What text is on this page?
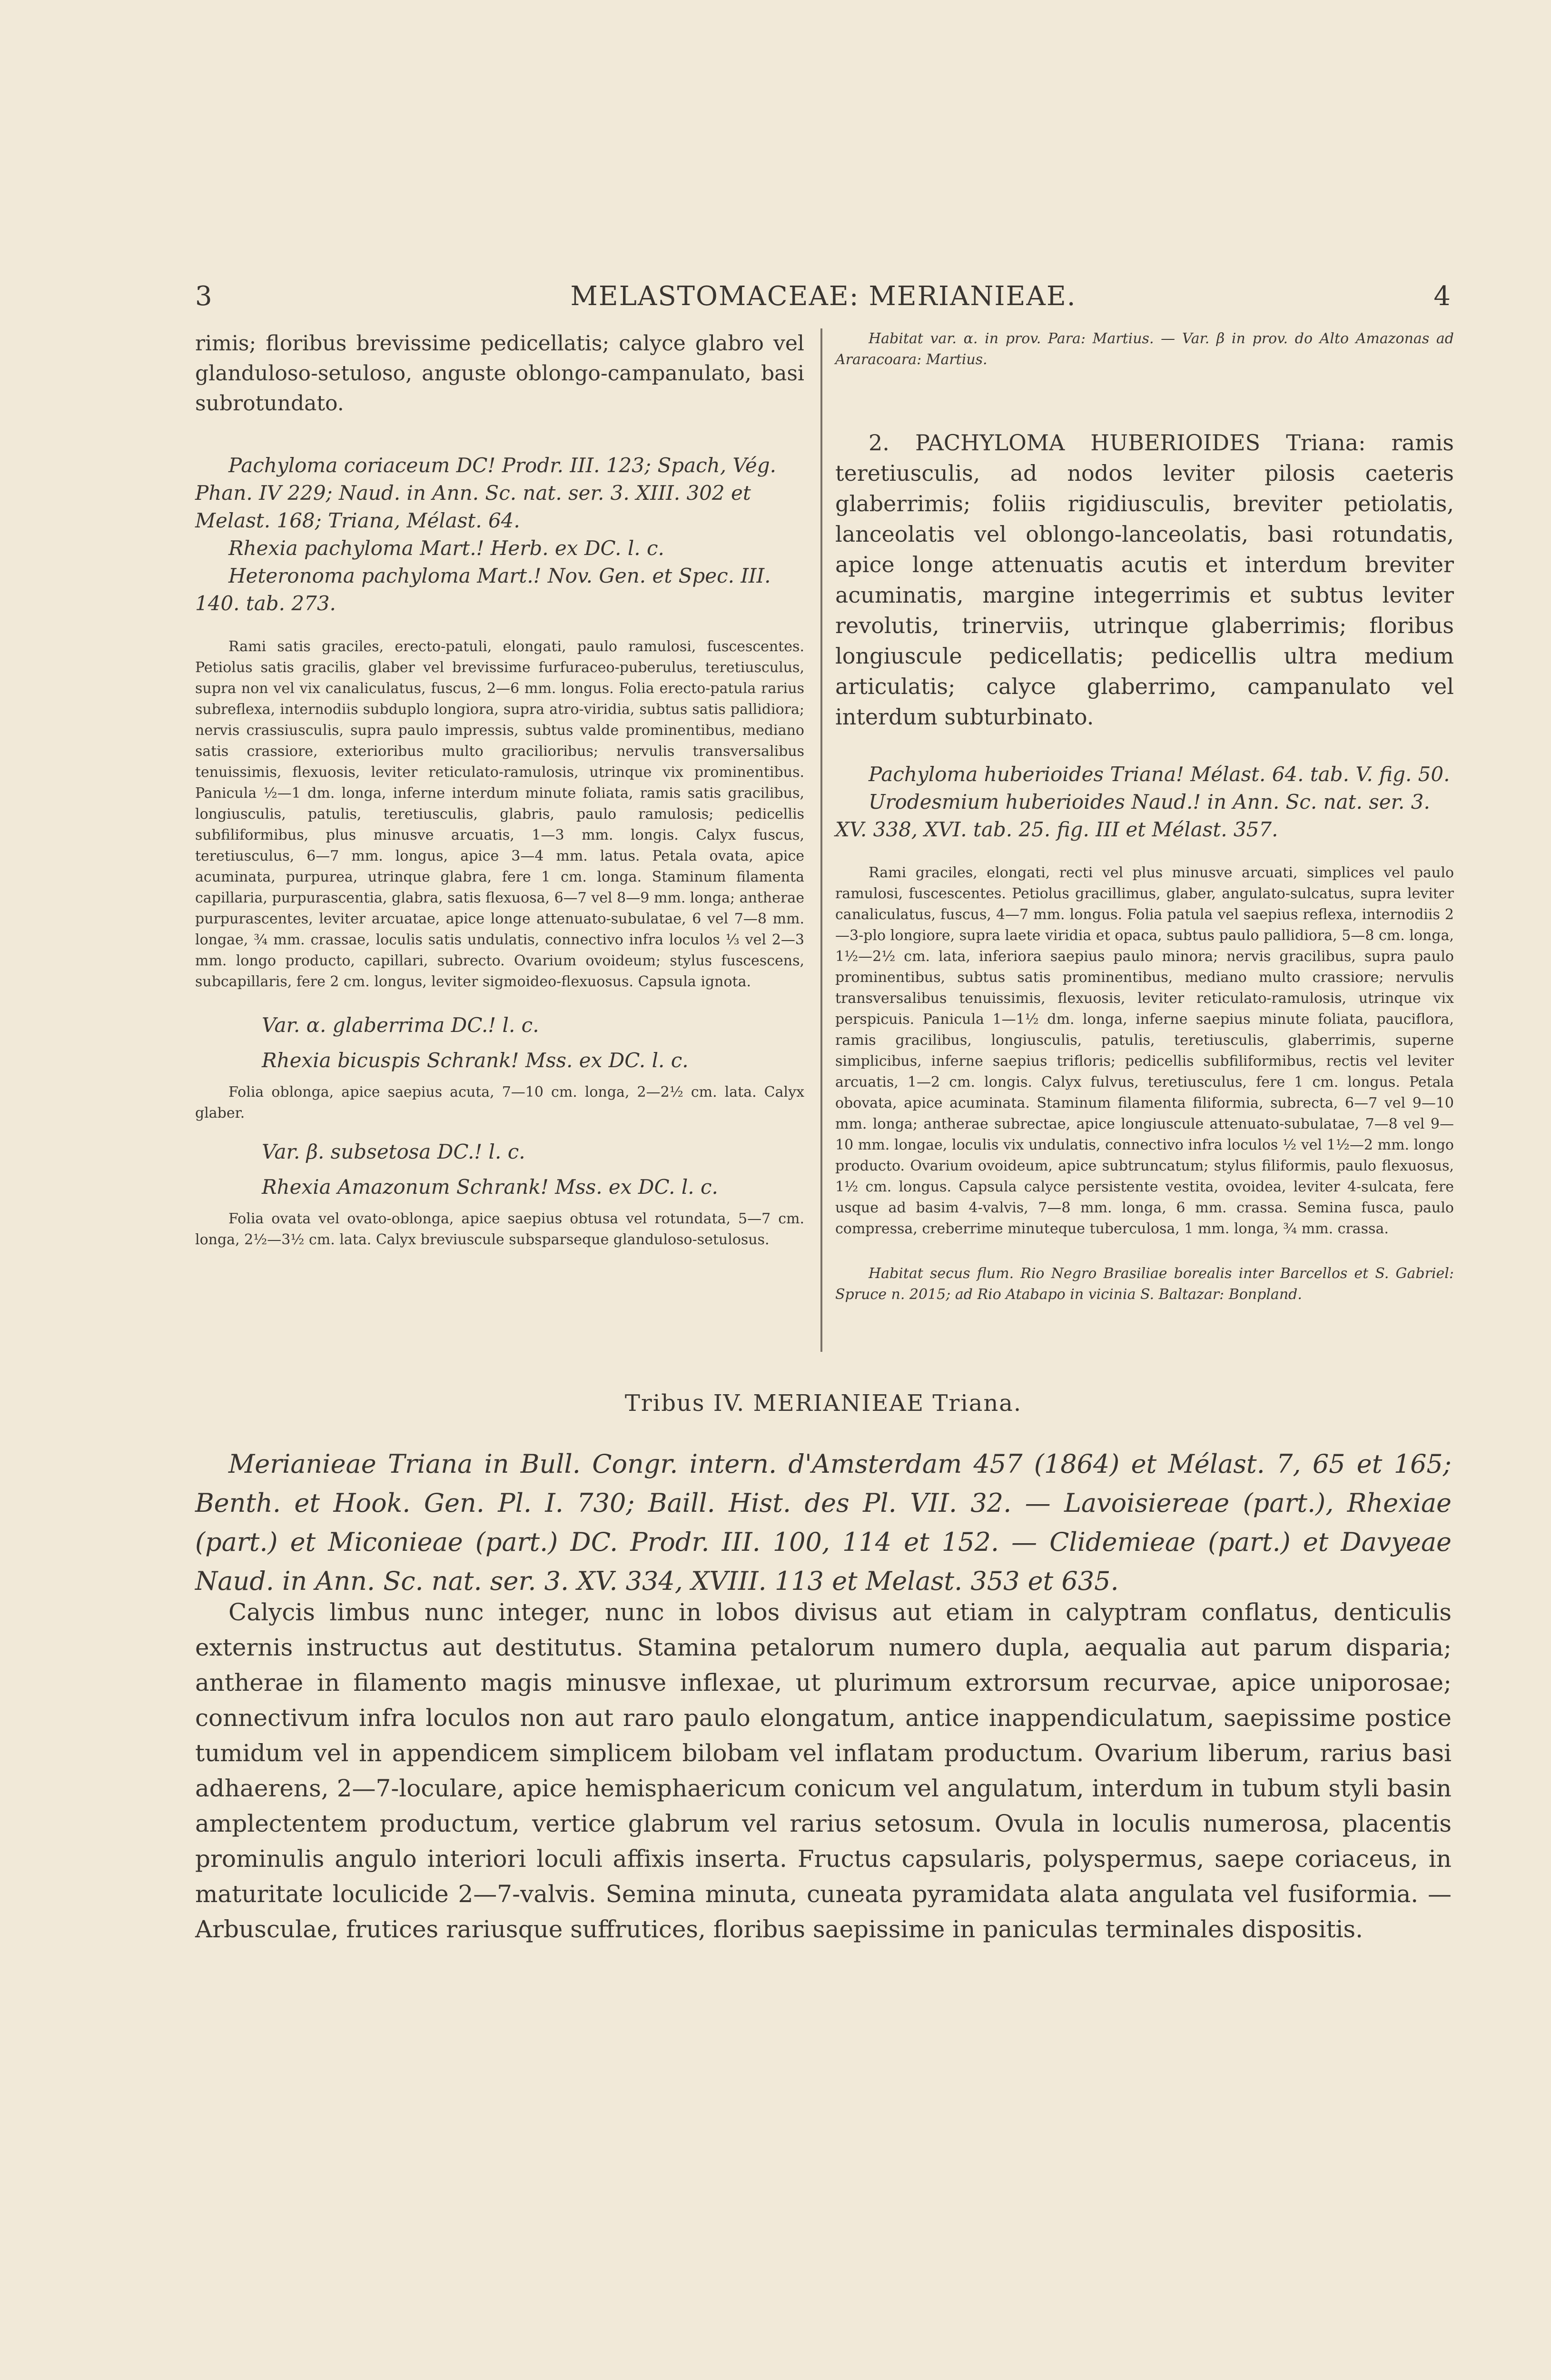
3	MELASTOMACEAE: MERIANIEAE.	4

rimis; floribus brevissime pedicellatis; calyce glabro vel glanduloso-setuloso, anguste oblongo-campanulato, basi subrotundato.

Pachyloma coriaceum DC! Prodr. III. 123; Spach, Vég. Phan. IV 229; Naud. in Ann. Sc. nat. ser. 3. XIII. 302 et Melast. 168; Triana, Mélast. 64.

Rhexia pachyloma Mart.! Herb. ex DC. l. c.

Heteronoma pachyloma Mart.! Nov. Gen. et Spec. III. 140. tab. 273.

Rami satis graciles, erecto-patuli, elongati, paulo ramulosi, fuscescentes. Petiolus satis gracilis, glaber vel brevissime furfuraceo-puberulus, teretiusculus, supra non vel vix canaliculatus, fuscus, 2—6 mm. longus. Folia erecto-patula rarius subreflexa, internodiis subduplo longiora, supra atro-viridia, subtus satis pallidiora; nervis crassiusculis, supra paulo impressis, subtus valde prominentibus, mediano satis crassiore, exterioribus multo gracilioribus; nervulis transversalibus tenuissimis, flexuosis, leviter reticulato-ramulosis, utrinque vix prominentibus. Panicula ½—1 dm. longa, inferne interdum minute foliata, ramis satis gracilibus, longiusculis, patulis, teretiusculis, glabris, paulo ramulosis; pedicellis subfiliformibus, plus minusve arcuatis, 1—3 mm. longis. Calyx fuscus, teretiusculus, 6—7 mm. longus, apice 3—4 mm. latus. Petala ovata, apice acuminata, purpurea, utrinque glabra, fere 1 cm. longa. Staminum filamenta capillaria, purpurascentia, glabra, satis flexuosa, 6—7 vel 8—9 mm. longa; antherae purpurascentes, leviter arcuatae, apice longe attenuato-subulatae, 6 vel 7—8 mm. longae, ¾ mm. crassae, loculis satis undulatis, connectivo infra loculos ⅓ vel 2—3 mm. longo producto, capillari, subrecto. Ovarium ovoideum; stylus fuscescens, subcapillaris, fere 2 cm. longus, leviter sigmoideo-flexuosus. Capsula ignota.

Var. α. glaberrima DC.! l. c.

Rhexia bicuspis Schrank! Mss. ex DC. l. c.

Folia oblonga, apice saepius acuta, 7—10 cm. longa, 2—2½ cm. lata. Calyx glaber.

Var. β. subsetosa DC.! l. c.

Rhexia Amazonum Schrank! Mss. ex DC. l. c.

Folia ovata vel ovato-oblonga, apice saepius obtusa vel rotundata, 5—7 cm. longa, 2½—3½ cm. lata. Calyx breviuscule subsparseque glanduloso-setulosus.

Habitat var. α. in prov. Para: Martius. — Var. β in prov. do Alto Amazonas ad Araracoara: Martius.

2. PACHYLOMA HUBERIOIDES Triana: ramis teretiusculis, ad nodos leviter pilosis caeteris glaberrimis; foliis rigidiusculis, breviter petiolatis, lanceolatis vel oblongo-lanceolatis, basi rotundatis, apice longe attenuatis acutis et interdum breviter acuminatis, margine integerrimis et subtus leviter revolutis, trinerviis, utrinque glaberrimis; floribus longiuscule pedicellatis; pedicellis ultra medium articulatis; calyce glaberrimo, campanulato vel interdum subturbinato.

Pachyloma huberioides Triana! Mélast. 64. tab. V. fig. 50.

Urodesmium huberioides Naud.! in Ann. Sc. nat. ser. 3. XV. 338, XVI. tab. 25. fig. III et Mélast. 357.

Rami graciles, elongati, recti vel plus minusve arcuati, simplices vel paulo ramulosi, fuscescentes. Petiolus gracillimus, glaber, angulato-sulcatus, supra leviter canaliculatus, fuscus, 4—7 mm. longus. Folia patula vel saepius reflexa, internodiis 2—3-plo longiore, supra laete viridia et opaca, subtus paulo pallidiora, 5—8 cm. longa, 1½—2½ cm. lata, inferiora saepius paulo minora; nervis gracilibus, supra paulo prominentibus, subtus satis prominentibus, mediano multo crassiore; nervulis transversalibus tenuissimis, flexuosis, leviter reticulato-ramulosis, utrinque vix perspicuis. Panicula 1—1½ dm. longa, inferne saepius minute foliata, pauciflora, ramis gracilibus, longiusculis, patulis, teretiusculis, glaberrimis, superne simplicibus, inferne saepius trifloris; pedicellis subfiliformibus, rectis vel leviter arcuatis, 1—2 cm. longis. Calyx fulvus, teretiusculus, fere 1 cm. longus. Petala obovata, apice acuminata. Staminum filamenta filiformia, subrecta, 6—7 vel 9—10 mm. longa; antherae subrectae, apice longiuscule attenuato-subulatae, 7—8 vel 9—10 mm. longae, loculis vix undulatis, connectivo infra loculos ½ vel 1½—2 mm. longo producto. Ovarium ovoideum, apice subtruncatum; stylus filiformis, paulo flexuosus, 1½ cm. longus. Capsula calyce persistente vestita, ovoidea, leviter 4-sulcata, fere usque ad basim 4-valvis, 7—8 mm. longa, 6 mm. crassa. Semina fusca, paulo compressa, creberrime minuteque tuberculosa, 1 mm. longa, ¾ mm. crassa.

Habitat secus flum. Rio Negro Brasiliae borealis inter Barcellos et S. Gabriel: Spruce n. 2015; ad Rio Atabapo in vicinia S. Baltazar: Bonpland.

Tribus IV. MERIANIEAE Triana.

Merianieae Triana in Bull. Congr. intern. d'Amsterdam 457 (1864) et Mélast. 7, 65 et 165; Benth. et Hook. Gen. Pl. I. 730; Baill. Hist. des Pl. VII. 32. — Lavoisiereae (part.), Rhexiae (part.) et Miconieae (part.) DC. Prodr. III. 100, 114 et 152. — Clidemieae (part.) et Davyeae Naud. in Ann. Sc. nat. ser. 3. XV. 334, XVIII. 113 et Melast. 353 et 635.

Calycis limbus nunc integer, nunc in lobos divisus aut etiam in calyptram conflatus, denticulis externis instructus aut destitutus. Stamina petalorum numero dupla, aequalia aut parum disparia; antherae in filamento magis minusve inflexae, ut plurimum extrorsum recurvae, apice uniporosae; connectivum infra loculos non aut raro paulo elongatum, antice inappendiculatum, saepissime postice tumidum vel in appendicem simplicem bilobam vel inflatam productum. Ovarium liberum, rarius basi adhaerens, 2—7-loculare, apice hemisphaericum conicum vel angulatum, interdum in tubum styli basin amplectentem productum, vertice glabrum vel rarius setosum. Ovula in loculis numerosa, placentis prominulis angulo interiori loculi affixis inserta. Fructus capsularis, polyspermus, saepe coriaceus, in maturitate loculicide 2—7-valvis. Semina minuta, cuneata pyramidata alata angulata vel fusiformia. — Arbusculae, frutices rariusque suffrutices, floribus saepissime in paniculas terminales dispositis.
